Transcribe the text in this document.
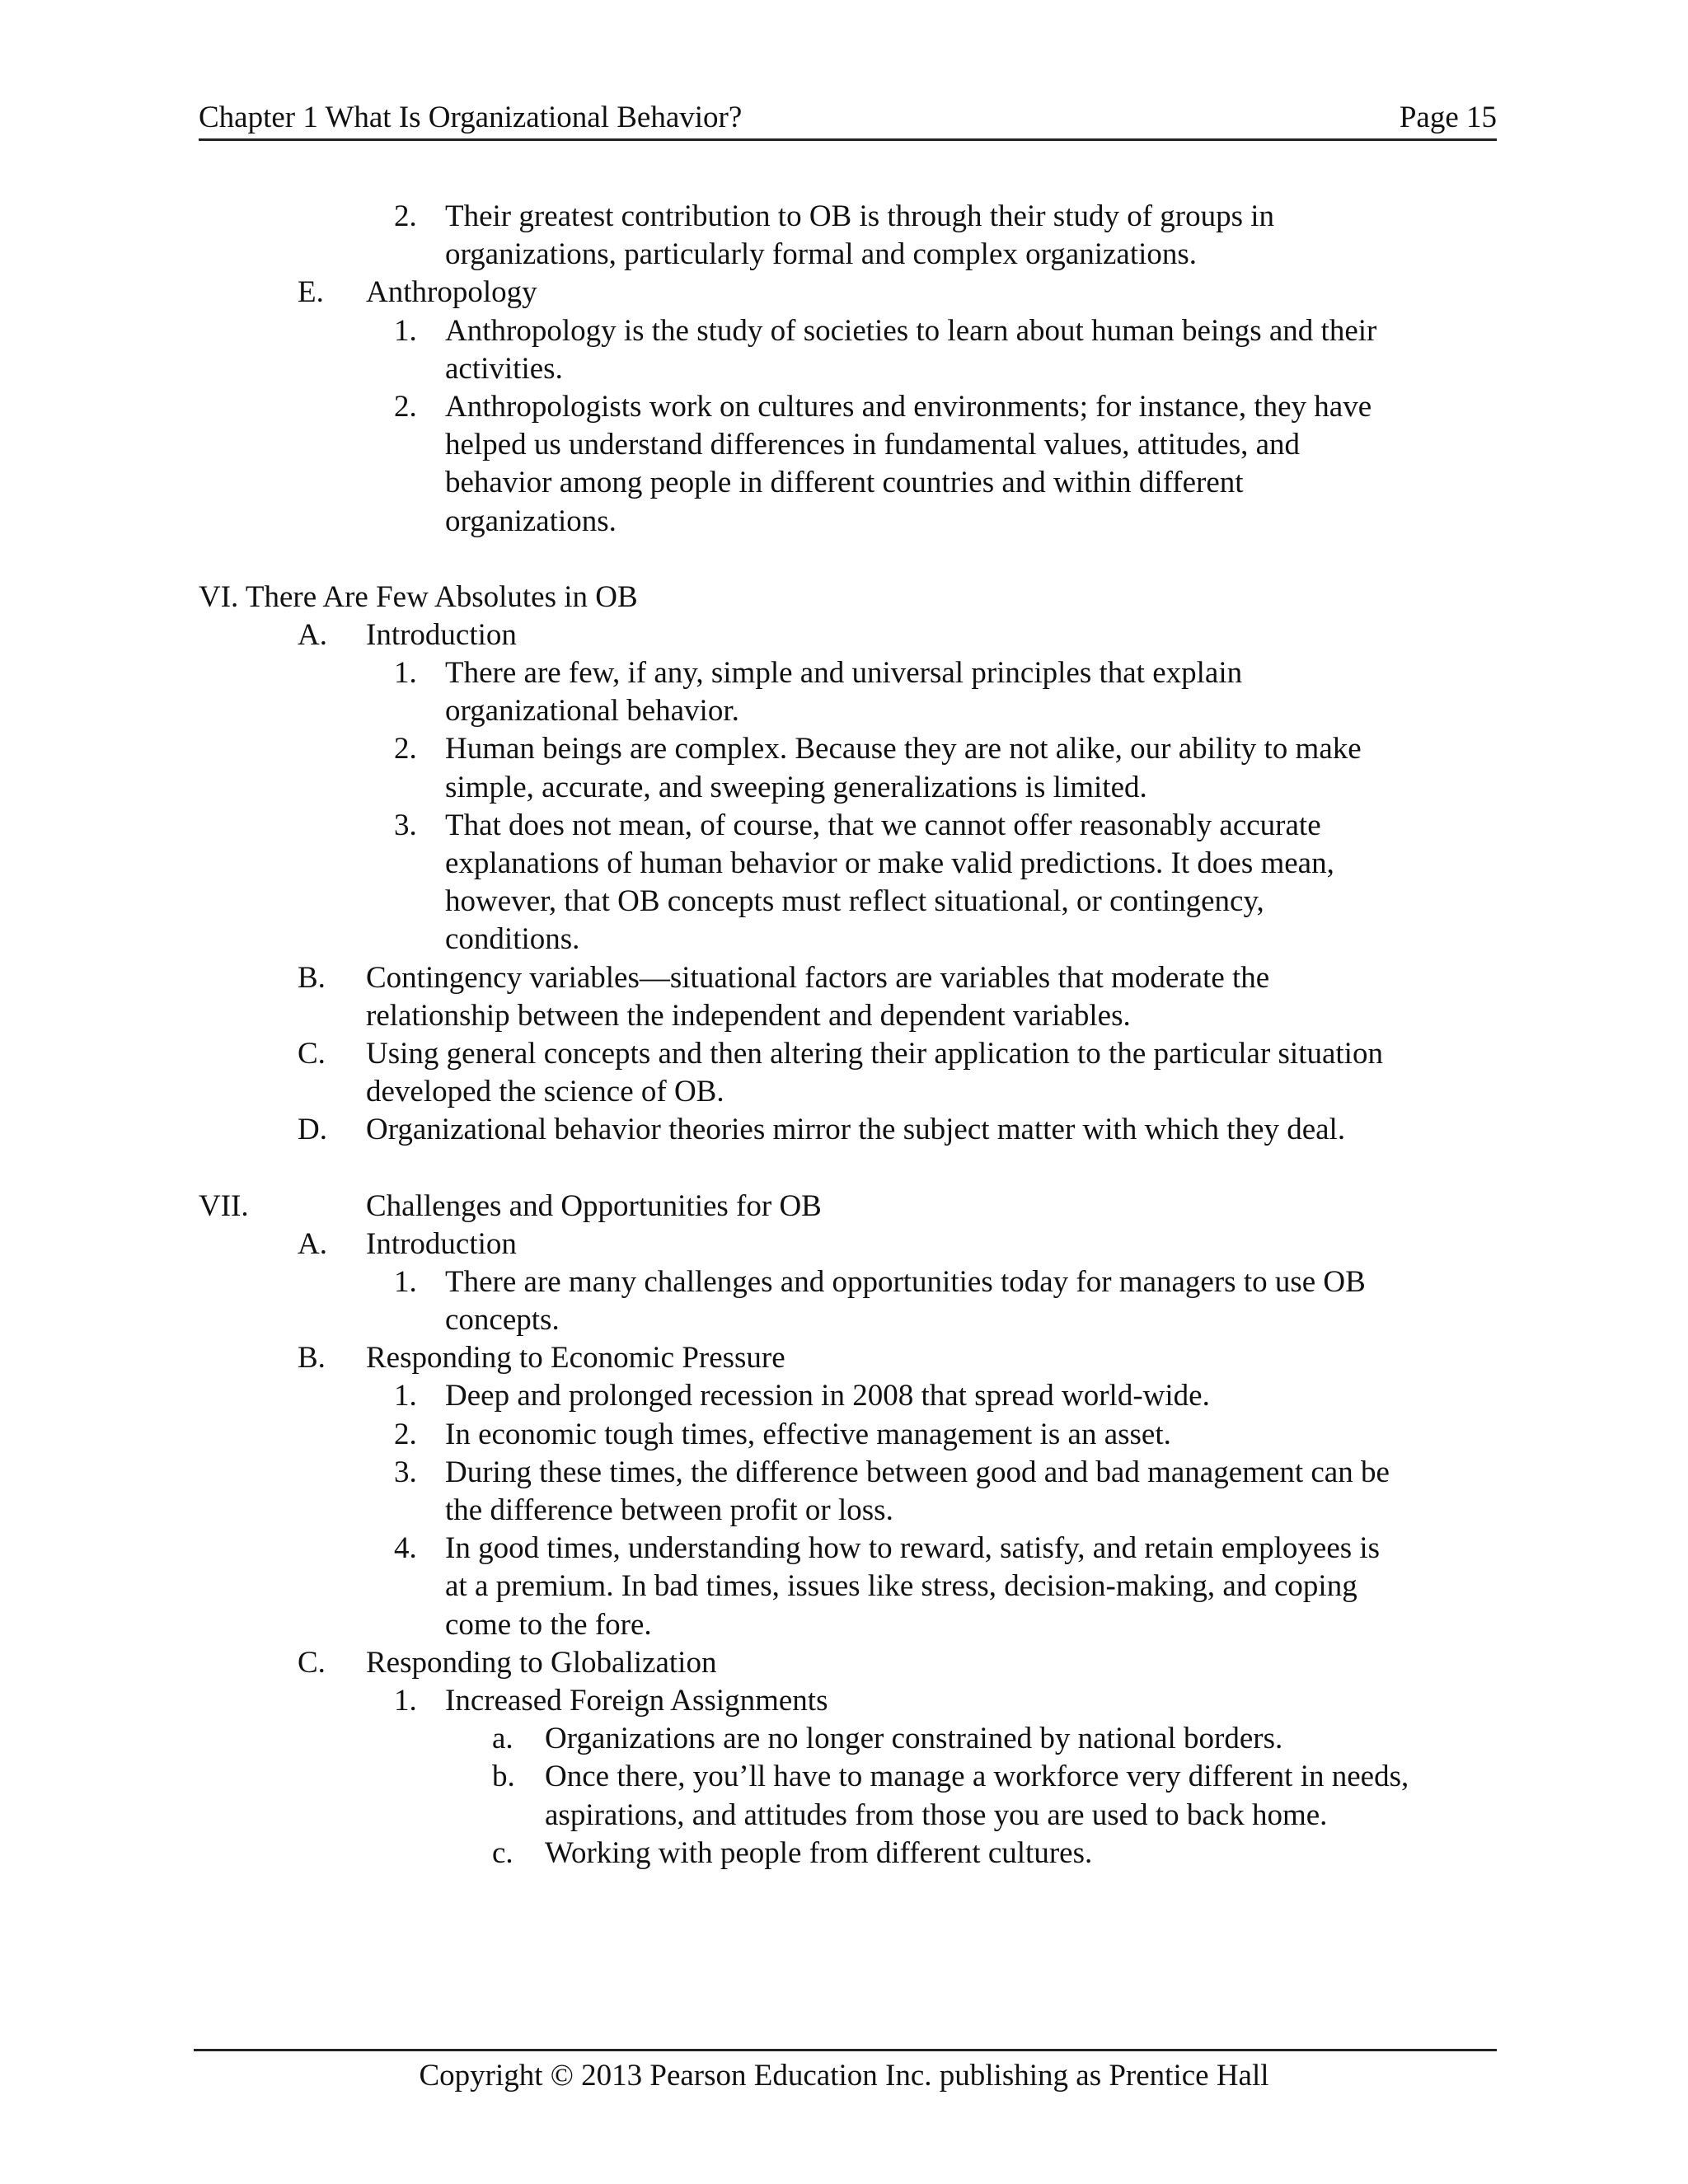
Chapter 1 What Is Organizational Behavior?	Page 15
2. Their greatest contribution to OB is through their study of groups in
organizations, particularly formal and complex organizations.
E. Anthropology
1. Anthropology is the study of societies to learn about human beings and their
activities.
2. Anthropologists work on cultures and environments; for instance, they have
helped us understand differences in fundamental values, attitudes, and
behavior among people in different countries and within different
organizations.
VI. There Are Few Absolutes in OB
A. Introduction
1. There are few, if any, simple and universal principles that explain
organizational behavior.
2. Human beings are complex. Because they are not alike, our ability to make
simple, accurate, and sweeping generalizations is limited.
3. That does not mean, of course, that we cannot offer reasonably accurate
explanations of human behavior or make valid predictions. It does mean,
however, that OB concepts must reflect situational, or contingency,
conditions.
B. Contingency variables—situational factors are variables that moderate the
relationship between the independent and dependent variables.
C. Using general concepts and then altering their application to the particular situation
developed the science of OB.
D. Organizational behavior theories mirror the subject matter with which they deal.
VII.	Challenges and Opportunities for OB
A. Introduction
1. There are many challenges and opportunities today for managers to use OB
concepts.
B. Responding to Economic Pressure
1. Deep and prolonged recession in 2008 that spread world-wide.
2. In economic tough times, effective management is an asset.
3. During these times, the difference between good and bad management can be
the difference between profit or loss.
4. In good times, understanding how to reward, satisfy, and retain employees is
at a premium. In bad times, issues like stress, decision-making, and coping
come to the fore.
C. Responding to Globalization
1. Increased Foreign Assignments
a. Organizations are no longer constrained by national borders.
b. Once there, you’ll have to manage a workforce very different in needs,
aspirations, and attitudes from those you are used to back home.
c. Working with people from different cultures.
Copyright © 2013 Pearson Education Inc. publishing as Prentice Hall
